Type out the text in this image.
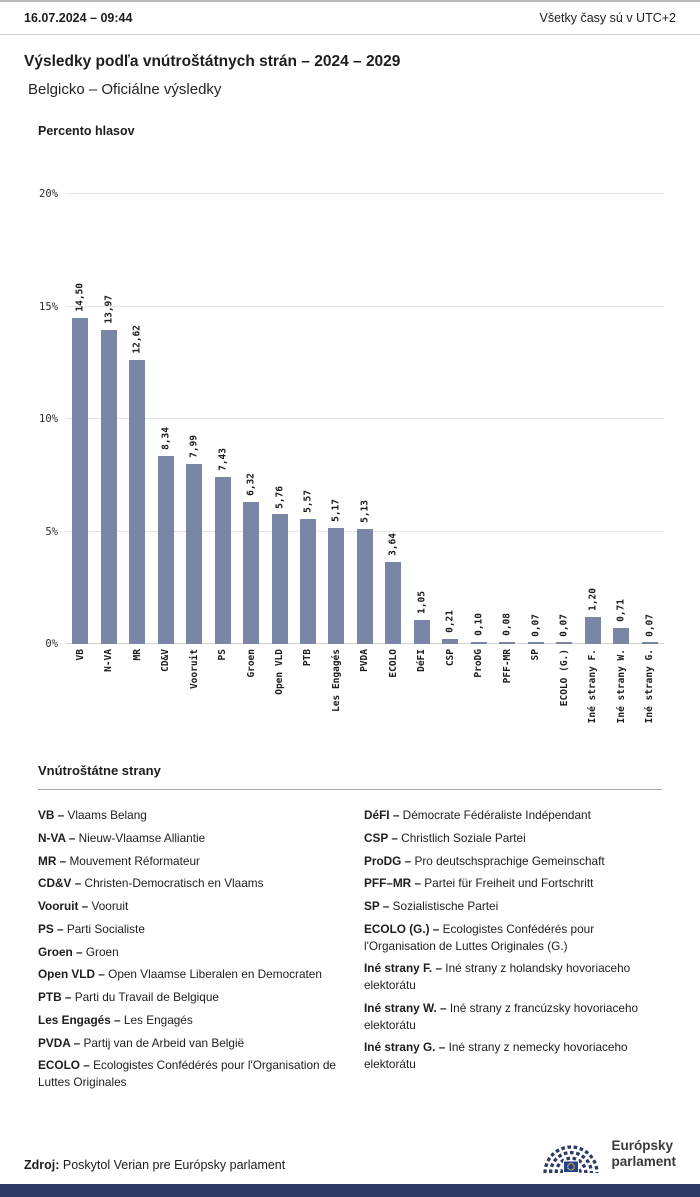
16.07.2024 – 09:44	Všetky časy sú v UTC+2
Výsledky podľa vnútroštátnych strán – 2024 – 2029
Belgicko – Oficiálne výsledky
Percento hlasov
0%
5%
10%
15%
20%
14,50 13,97
12,62
8,34 7,99
7,43
6,32
5,76 5,57 5,17 5,13
3,64
1,05
0,21 0,10 0,08 0,07 0,07
1,20 0,71
0,07
VB N-VA MR CD&V Vooruit PS Groen Open VLD PTB Les Engagés PVDA ECOLO DéFI CSP ProDG PFF-MR SP ECOLO (G.) Iné strany F. Iné strany W. Iné strany G.
Vnútroštátne strany
VB – Vlaams Belang
N-VA – Nieuw-Vlaamse Alliantie
MR – Mouvement Réformateur
CD&V – Christen-Democratisch en Vlaams
Vooruit – Vooruit
PS – Parti Socialiste
Groen – Groen
Open VLD – Open Vlaamse Liberalen en Democraten
PTB – Parti du Travail de Belgique
Les Engagés – Les Engagés
PVDA – Partij van de Arbeid van België
ECOLO – Ecologistes Confédérés pour l'Organisation de Luttes Originales
DéFI – Démocrate Fédéraliste Indépendant
CSP – Christlich Soziale Partei
ProDG – Pro deutschsprachige Gemeinschaft
PFF–MR – Partei für Freiheit und Fortschritt
SP – Sozialistische Partei
ECOLO (G.) – Ecologistes Confédérés pour l'Organisation de Luttes Originales (G.)
Iné strany F. – Iné strany z holandsky hovoriaceho elektorátu
Iné strany W. – Iné strany z francúzsky hovoriaceho elektorátu
Iné strany G. – Iné strany z nemecky hovoriaceho elektorátu
Zdroj: Poskytol Verian pre Európsky parlament
Európsky
parlament
